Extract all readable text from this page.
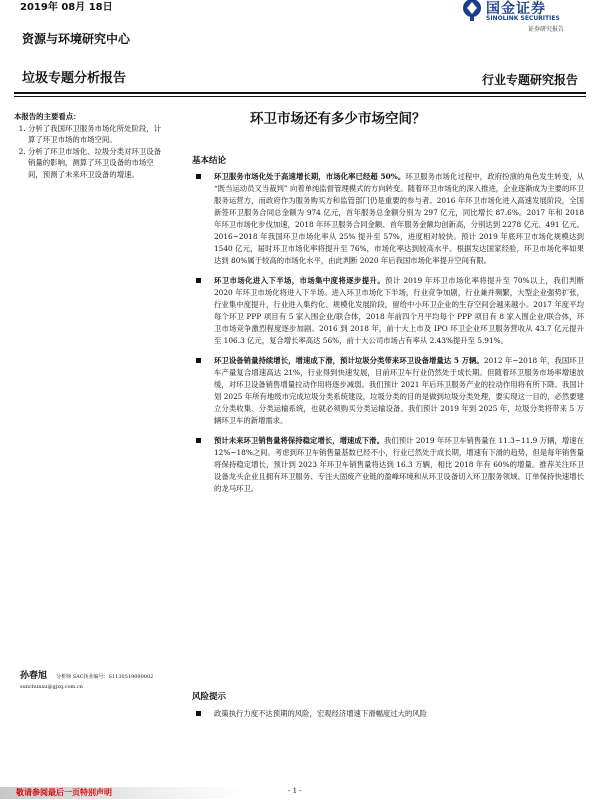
2019年 08月 18日	国金证券
SINOLINK SECURITIES
证券研究报告
资源与环境研究中心
垃圾专题分析报告	行业专题研究报告
本报告的主要看点：
1. 分析了我国环卫服务市场化所处阶段，计算了环卫市场的市场空间。
2. 分析了环卫市场化、垃圾分类对环卫设备销量的影响，测算了环卫设备的市场空间，预测了未来环卫设备的增速。
环卫市场还有多少市场空间？
基本结论
环卫服务市场化处于高速增长期，市场化率已经超 50%。环卫服务市场化过程中，政府扮演的角色发生转变，从 “既当运动员又当裁判” 向着单纯监督管理模式的方向转变。随着环卫市场化的深入推进，企业逐渐成为主要的环卫服务运营方，而政府作为服务购买方和监管部门仍是重要的参与者。2016 年环卫市场化进入高速发展阶段，全国新签环卫服务合同总金额为 974 亿元，首年服务总金额分别为 297 亿元，同比增长 87.6%。2017 年和 2018 年环卫市场化步伐加速，2018 年环卫服务合同金额、首年服务金额均创新高，分别达到 2278 亿元、491 亿元。2016~2018 年我国环卫市场化率从 25% 提升至 57%，进度相对较快。预计 2019 年底环卫市场化规模达到 1540 亿元，届时环卫市场化率将提升至 76%，市场化率达到较高水平。根据发达国家经验，环卫市场化率如果达到 80%属于较高的市场化水平，由此判断 2020 年后我国市场化率提升空间有限。
环卫市场化进入下半场，市场集中度将逐步提升。预计 2019 年环卫市场化率将提升至 70%以上，我们判断 2020 年环卫市场化将进入下半场。进入环卫市场化下半场，行业竞争加剧，行业兼并频繁，大型企业强势扩张，行业集中度提升，行业进入集约化、规模化发展阶段，留给中小环卫企业的生存空间会越来越小。2017 年度平均每个环卫 PPP 项目有 5 家入围企业/联合体，2018 年前四个月平均每个 PPP 项目有 8 家入围企业/联合体，环卫市场竞争激烈程度逐步加剧。2016 到 2018 年，前十大上市及 IPO 环卫企业环卫服务营收从 43.7 亿元提升至 106.3 亿元，复合增长率高达 56%，前十大公司市场占有率从 2.43%提升至 5.91%。
环卫设备销量持续增长，增速成下滑，预计垃圾分类带来环卫设备增量达 5 万辆。2012 年~2018 年，我国环卫车产量复合增速高达 21%，行业得到快速发展，目前环卫车行业仍然处于成长期。但随着环卫服务市场率增速放缓，对环卫设备销售增量拉动作用将逐步减弱。我们预计 2021 年后环卫服务产业的拉动作用将有所下降。我国计划 2025 年所有地级市完成垃圾分类系统建设，垃圾分类的目的是做到垃圾分类处理，要实现这一目的，必然要建立分类收集、分类运输系统，也就必须购买分类运输设备。我们预计 2019 年到 2025 年，垃圾分类将带来 5 万辆环卫车的新增需求。
预计未来环卫销售量将保持稳定增长，增速成下滑。我们预计 2019 年环卫车销售量在 11.3~11.9 万辆，增速在 12%~18%之间。考虑到环卫车销售量基数已经不小，行业已然处于成长期，增速有下滑的趋势，但是每年销售量将保持稳定增长，预计到 2023 年环卫车销售量将达到 16.3 万辆，相比 2018 年有 60%的增量。推荐关注环卫设备龙头企业且拥有环卫服务、专注大固废产业链的盈峰环境和从环卫设备切入环卫服务领域、订单保持快速增长的龙马环卫。
风险提示
政策执行力度不达预期的风险，宏观经济增速下滑幅度过大的风险
孙春旭 分析师 SAC执业编号：S1130519090002
sunchunxu@gjzq.com.cn
敬请参阅最后一页特别声明	- 1 -
